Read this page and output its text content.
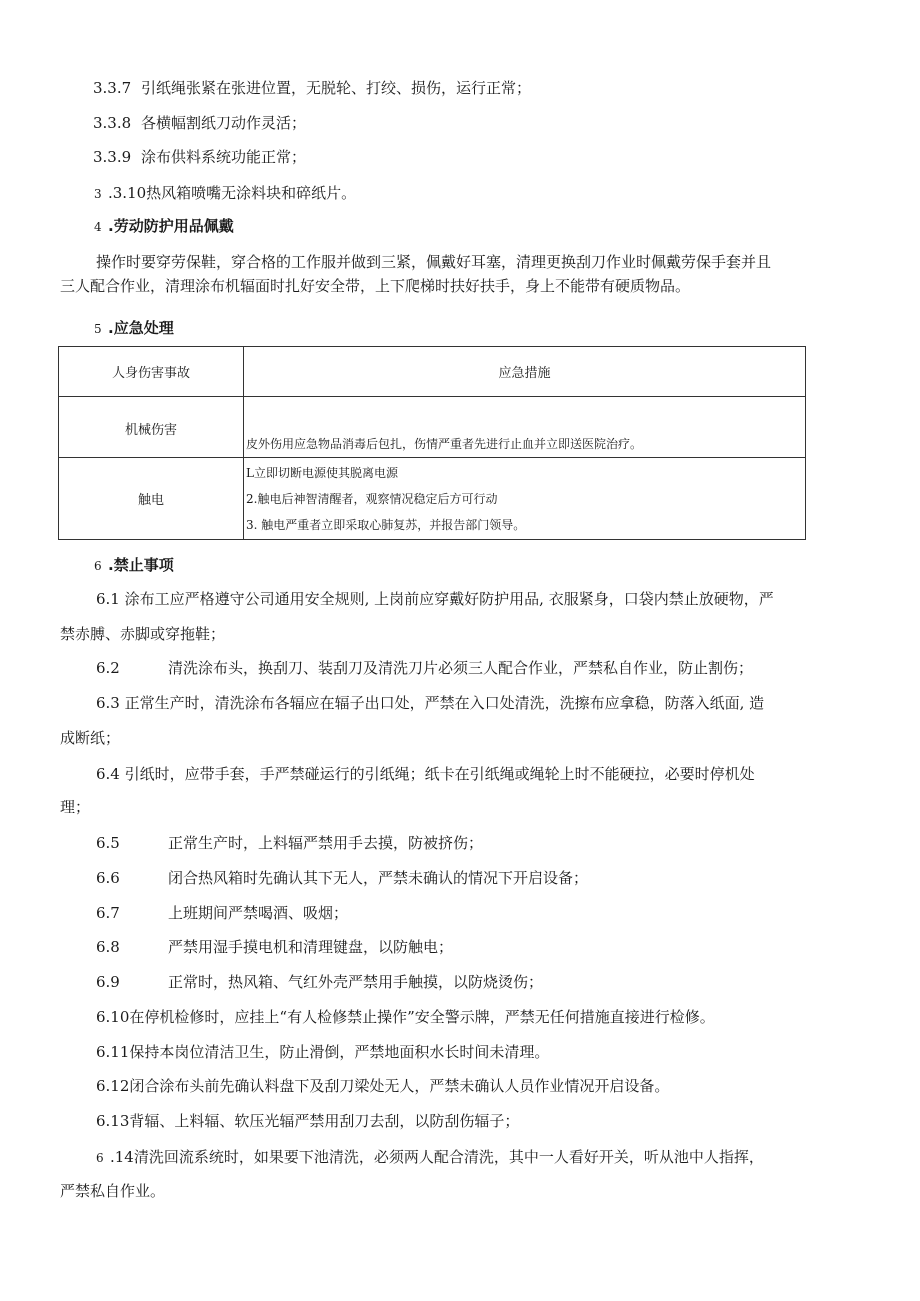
3.3.7 引纸绳张紧在张进位置，无脱轮、打绞、损伤，运行正常；
3.3.8 各横幅割纸刀动作灵活；
3.3.9 涂布供料系统功能正常；
3 .3.10热风箱喷嘴无涂料块和碎纸片。
4 .劳动防护用品佩戴
操作时要穿劳保鞋，穿合格的工作服并做到三紧，佩戴好耳塞，清理更换刮刀作业时佩戴劳保手套并且
三人配合作业，清理涂布机辐面时扎好安全带，上下爬梯时扶好扶手，身上不能带有硬质物品。
5 .应急处理
人身伤害事故	应急措施
机械伤害	皮外伤用应急物品消毒后包扎，伤情严重者先进行止血并立即送医院治疗。
触电	L立即切断电源使其脱离电源
2.触电后神智清醒者，观察情况稳定后方可行动
3. 触电严重者立即采取心肺复苏，并报告部门领导。
6 .禁止事项
6.1 涂布工应严格遵守公司通用安全规则, 上岗前应穿戴好防护用品, 衣服紧身，口袋内禁止放硬物，严
禁赤膊、赤脚或穿拖鞋；
6.2	清洗涂布头，换刮刀、装刮刀及清洗刀片必须三人配合作业，严禁私自作业，防止割伤；
6.3 正常生产时，清洗涂布各辐应在辐子出口处，严禁在入口处清洗，洗擦布应拿稳，防落入纸面, 造
成断纸；
6.4 引纸时，应带手套，手严禁碰运行的引纸绳；纸卡在引纸绳或绳轮上时不能硬拉，必要时停机处
理；
6.5	正常生产时，上料辐严禁用手去摸，防被挤伤；
6.6	闭合热风箱时先确认其下无人，严禁未确认的情况下开启设备；
6.7	上班期间严禁喝酒、吸烟；
6.8	严禁用湿手摸电机和清理键盘，以防触电；
6.9	正常时，热风箱、气红外壳严禁用手触摸，以防烧烫伤；
6.10在停机检修时，应挂上“有人检修禁止操作”安全警示牌，严禁无任何措施直接进行检修。
6.11保持本岗位清洁卫生，防止滑倒，严禁地面积水长时间未清理。
6.12闭合涂布头前先确认料盘下及刮刀梁处无人，严禁未确认人员作业情况开启设备。
6.13背辐、上料辐、软压光辐严禁用刮刀去刮，以防刮伤辐子；
6 .14清洗回流系统时，如果要下池清洗，必须两人配合清洗，其中一人看好开关，听从池中人指挥，
严禁私自作业。
